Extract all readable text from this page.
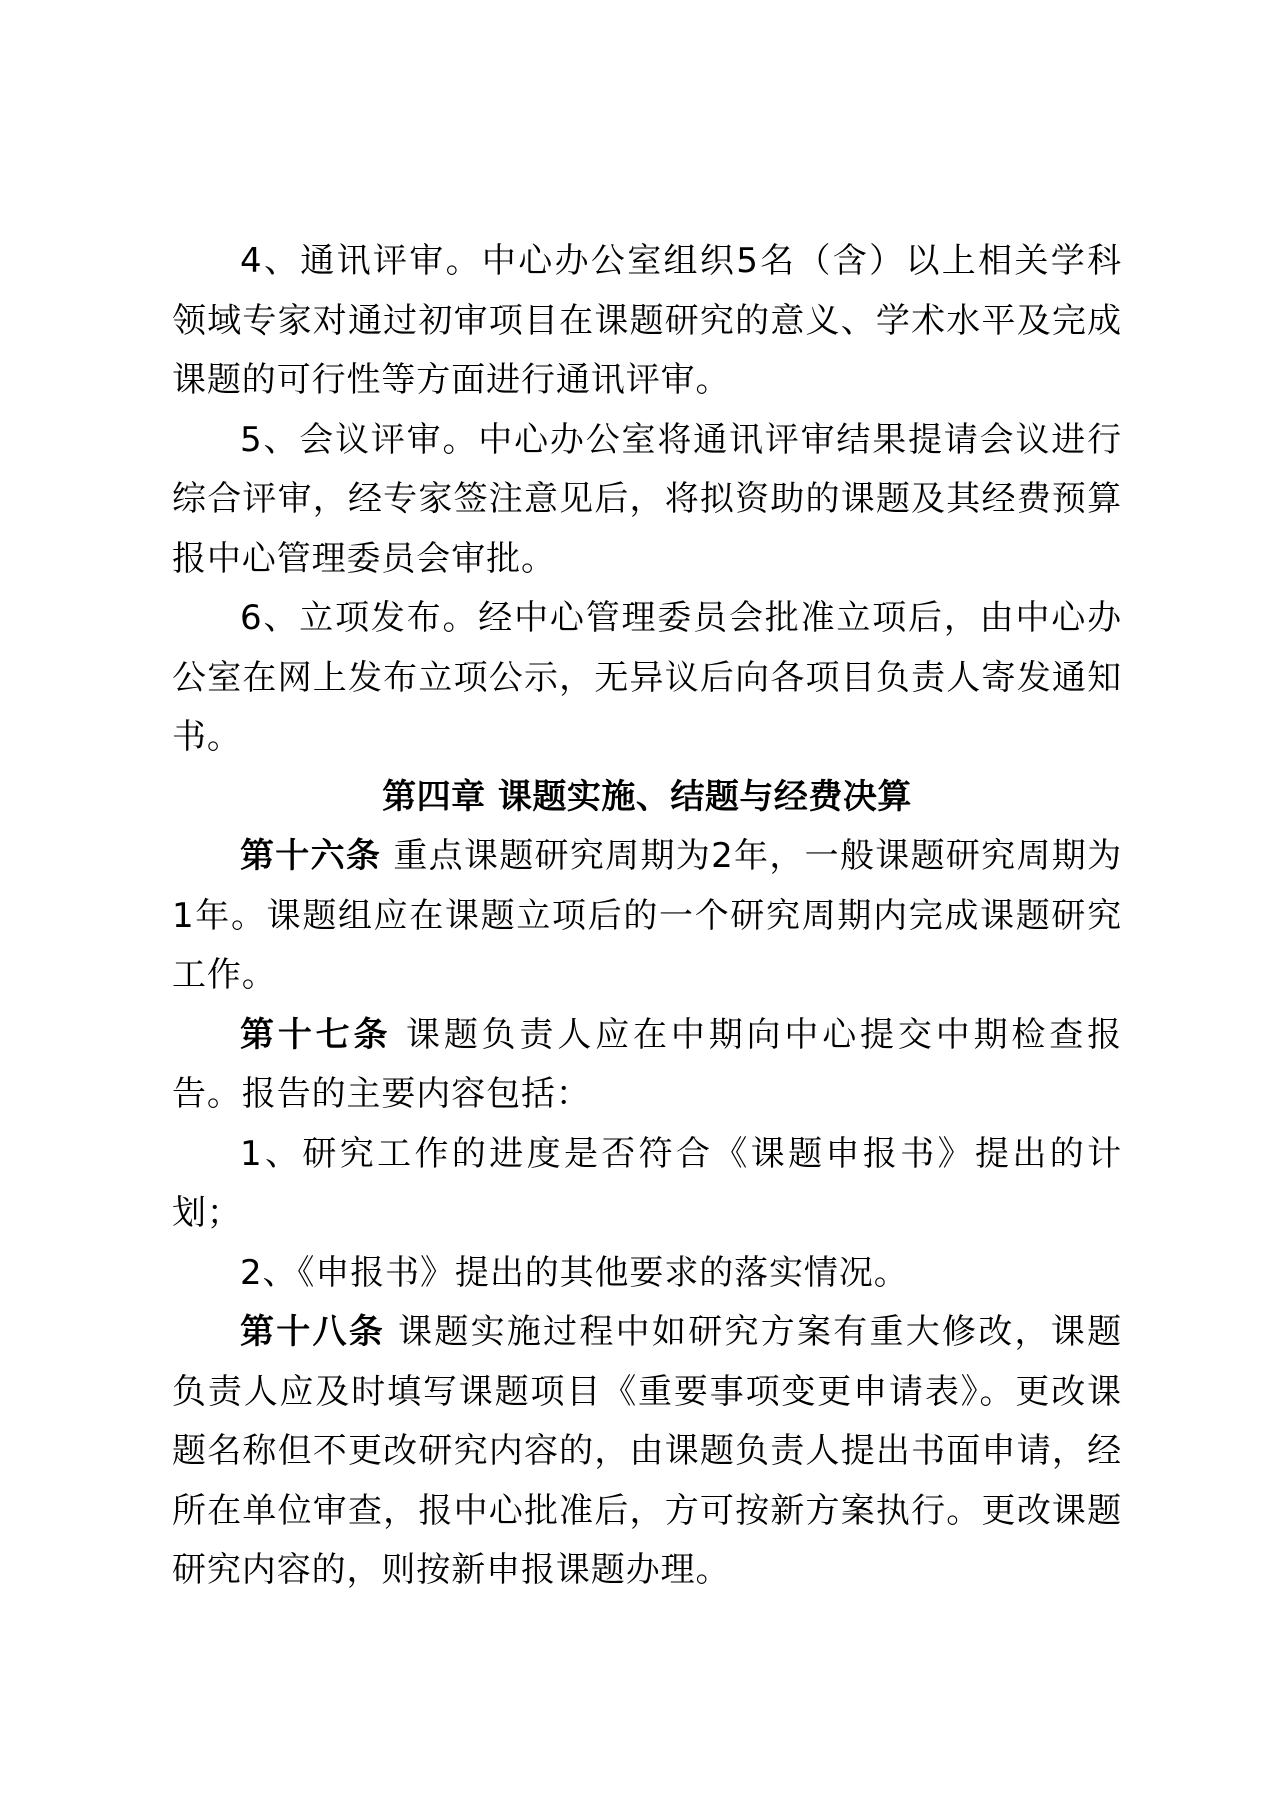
4、通讯评审。中心办公室组织5名（含）以上相关学科领域专家对通过初审项目在课题研究的意义、学术水平及完成课题的可行性等方面进行通讯评审。

5、会议评审。中心办公室将通讯评审结果提请会议进行综合评审，经专家签注意见后，将拟资助的课题及其经费预算报中心管理委员会审批。

6、立项发布。经中心管理委员会批准立项后，由中心办公室在网上发布立项公示，无异议后向各项目负责人寄发通知书。

第四章 课题实施、结题与经费决算

第十六条 重点课题研究周期为2年，一般课题研究周期为1年。课题组应在课题立项后的一个研究周期内完成课题研究工作。

第十七条 课题负责人应在中期向中心提交中期检查报告。报告的主要内容包括：

1、研究工作的进度是否符合《课题申报书》提出的计划；

2、《申报书》提出的其他要求的落实情况。

第十八条 课题实施过程中如研究方案有重大修改，课题负责人应及时填写课题项目《重要事项变更申请表》。更改课题名称但不更改研究内容的，由课题负责人提出书面申请，经所在单位审查，报中心批准后，方可按新方案执行。更改课题研究内容的，则按新申报课题办理。
